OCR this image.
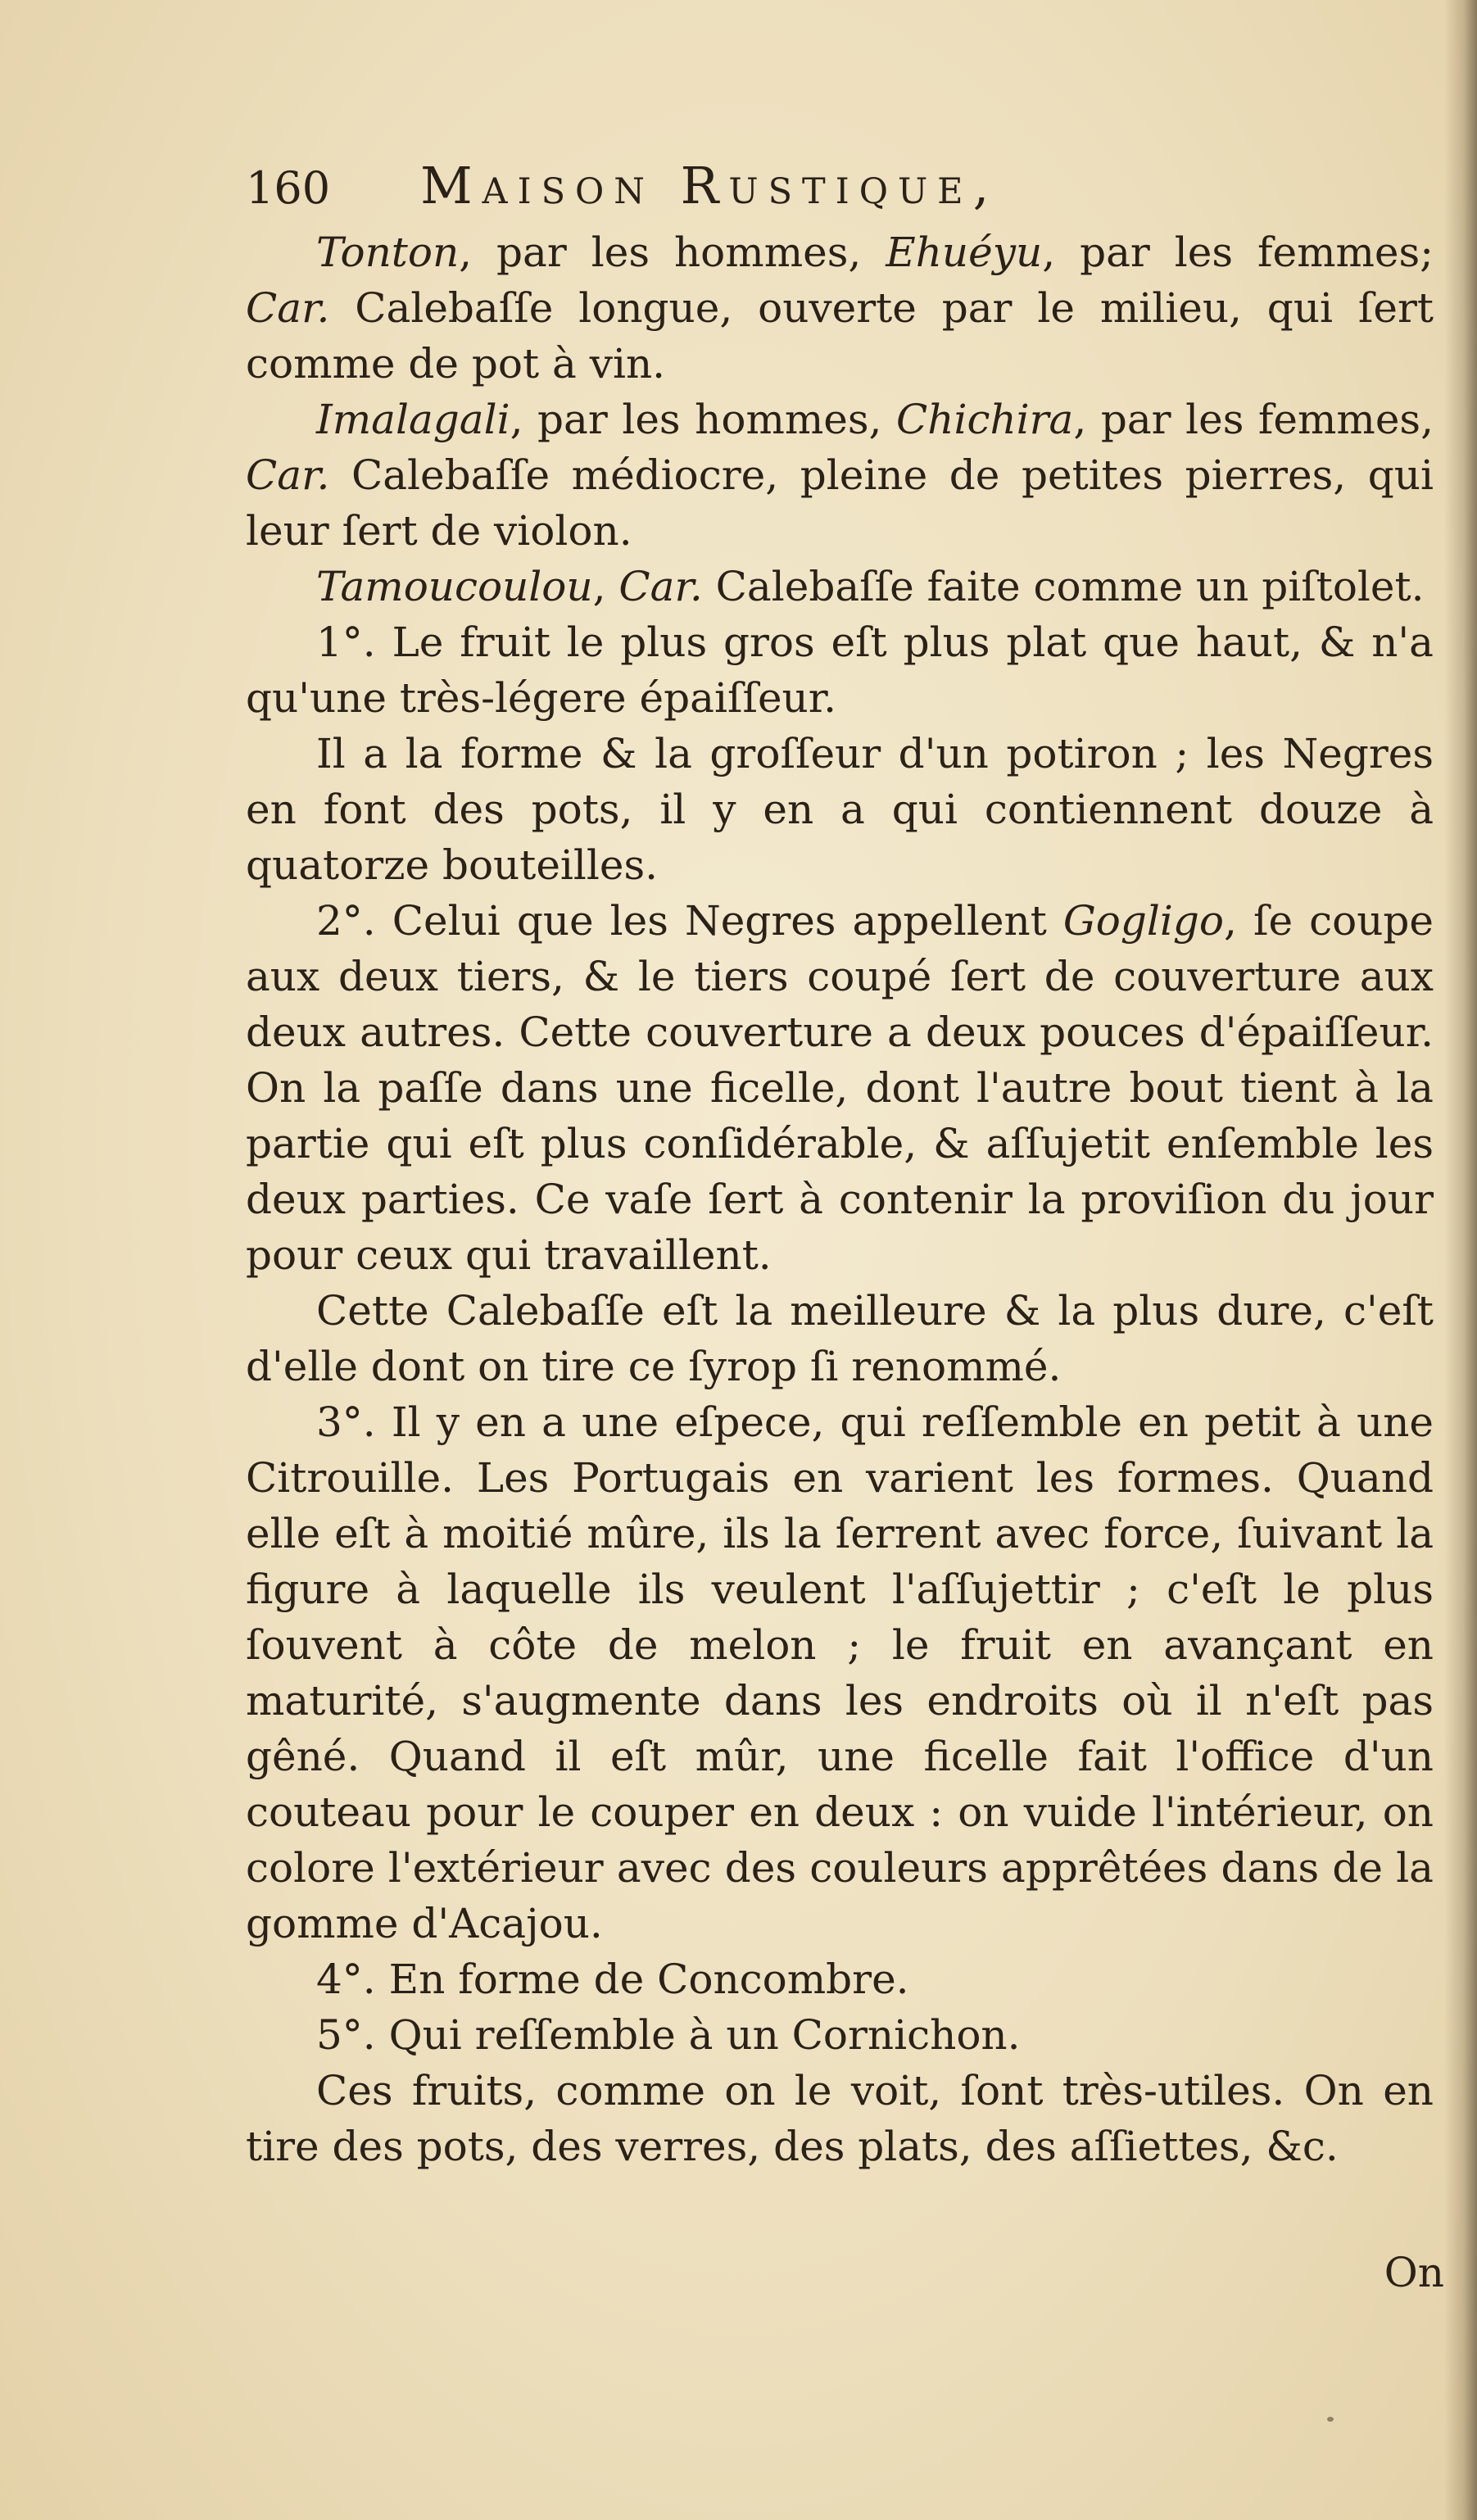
160 Maison Rustique,

Tonton, par les hommes, Ehuéyu, par les femmes; Car. Calebaſſe longue, ouverte par le milieu, qui ſert comme de pot à vin.

Imalagali, par les hommes, Chichira, par les femmes, Car. Calebaſſe médiocre, pleine de petites pierres, qui leur ſert de violon.

Tamoucoulou, Car. Calebaſſe faite comme un piſtolet.

1°. Le fruit le plus gros eſt plus plat que haut, & n'a qu'une très-légere épaiſſeur.

Il a la forme & la groſſeur d'un potiron ; les Negres en font des pots, il y en a qui contiennent douze à quatorze bouteilles.

2°. Celui que les Negres appellent Gogligo, ſe coupe aux deux tiers, & le tiers coupé ſert de couverture aux deux autres. Cette couverture a deux pouces d'épaiſſeur. On la paſſe dans une ficelle, dont l'autre bout tient à la partie qui eſt plus conſidérable, & aſſujetit enſemble les deux parties. Ce vaſe ſert à contenir la proviſion du jour pour ceux qui travaillent.

Cette Calebaſſe eſt la meilleure & la plus dure, c'eſt d'elle dont on tire ce ſyrop ſi renommé.

3°. Il y en a une eſpece, qui reſſemble en petit à une Citrouille. Les Portugais en varient les formes. Quand elle eſt à moitié mûre, ils la ſerrent avec force, ſuivant la figure à laquelle ils veulent l'aſſujettir ; c'eſt le plus ſouvent à côte de melon ; le fruit en avançant en maturité, s'augmente dans les endroits où il n'eſt pas gêné. Quand il eſt mûr, une ficelle fait l'office d'un couteau pour le couper en deux : on vuide l'intérieur, on colore l'extérieur avec des couleurs apprêtées dans de la gomme d'Acajou.

4°. En forme de Concombre.

5°. Qui reſſemble à un Cornichon.

Ces fruits, comme on le voit, ſont très-utiles. On en tire des pots, des verres, des plats, des aſſiettes, &c.

On
